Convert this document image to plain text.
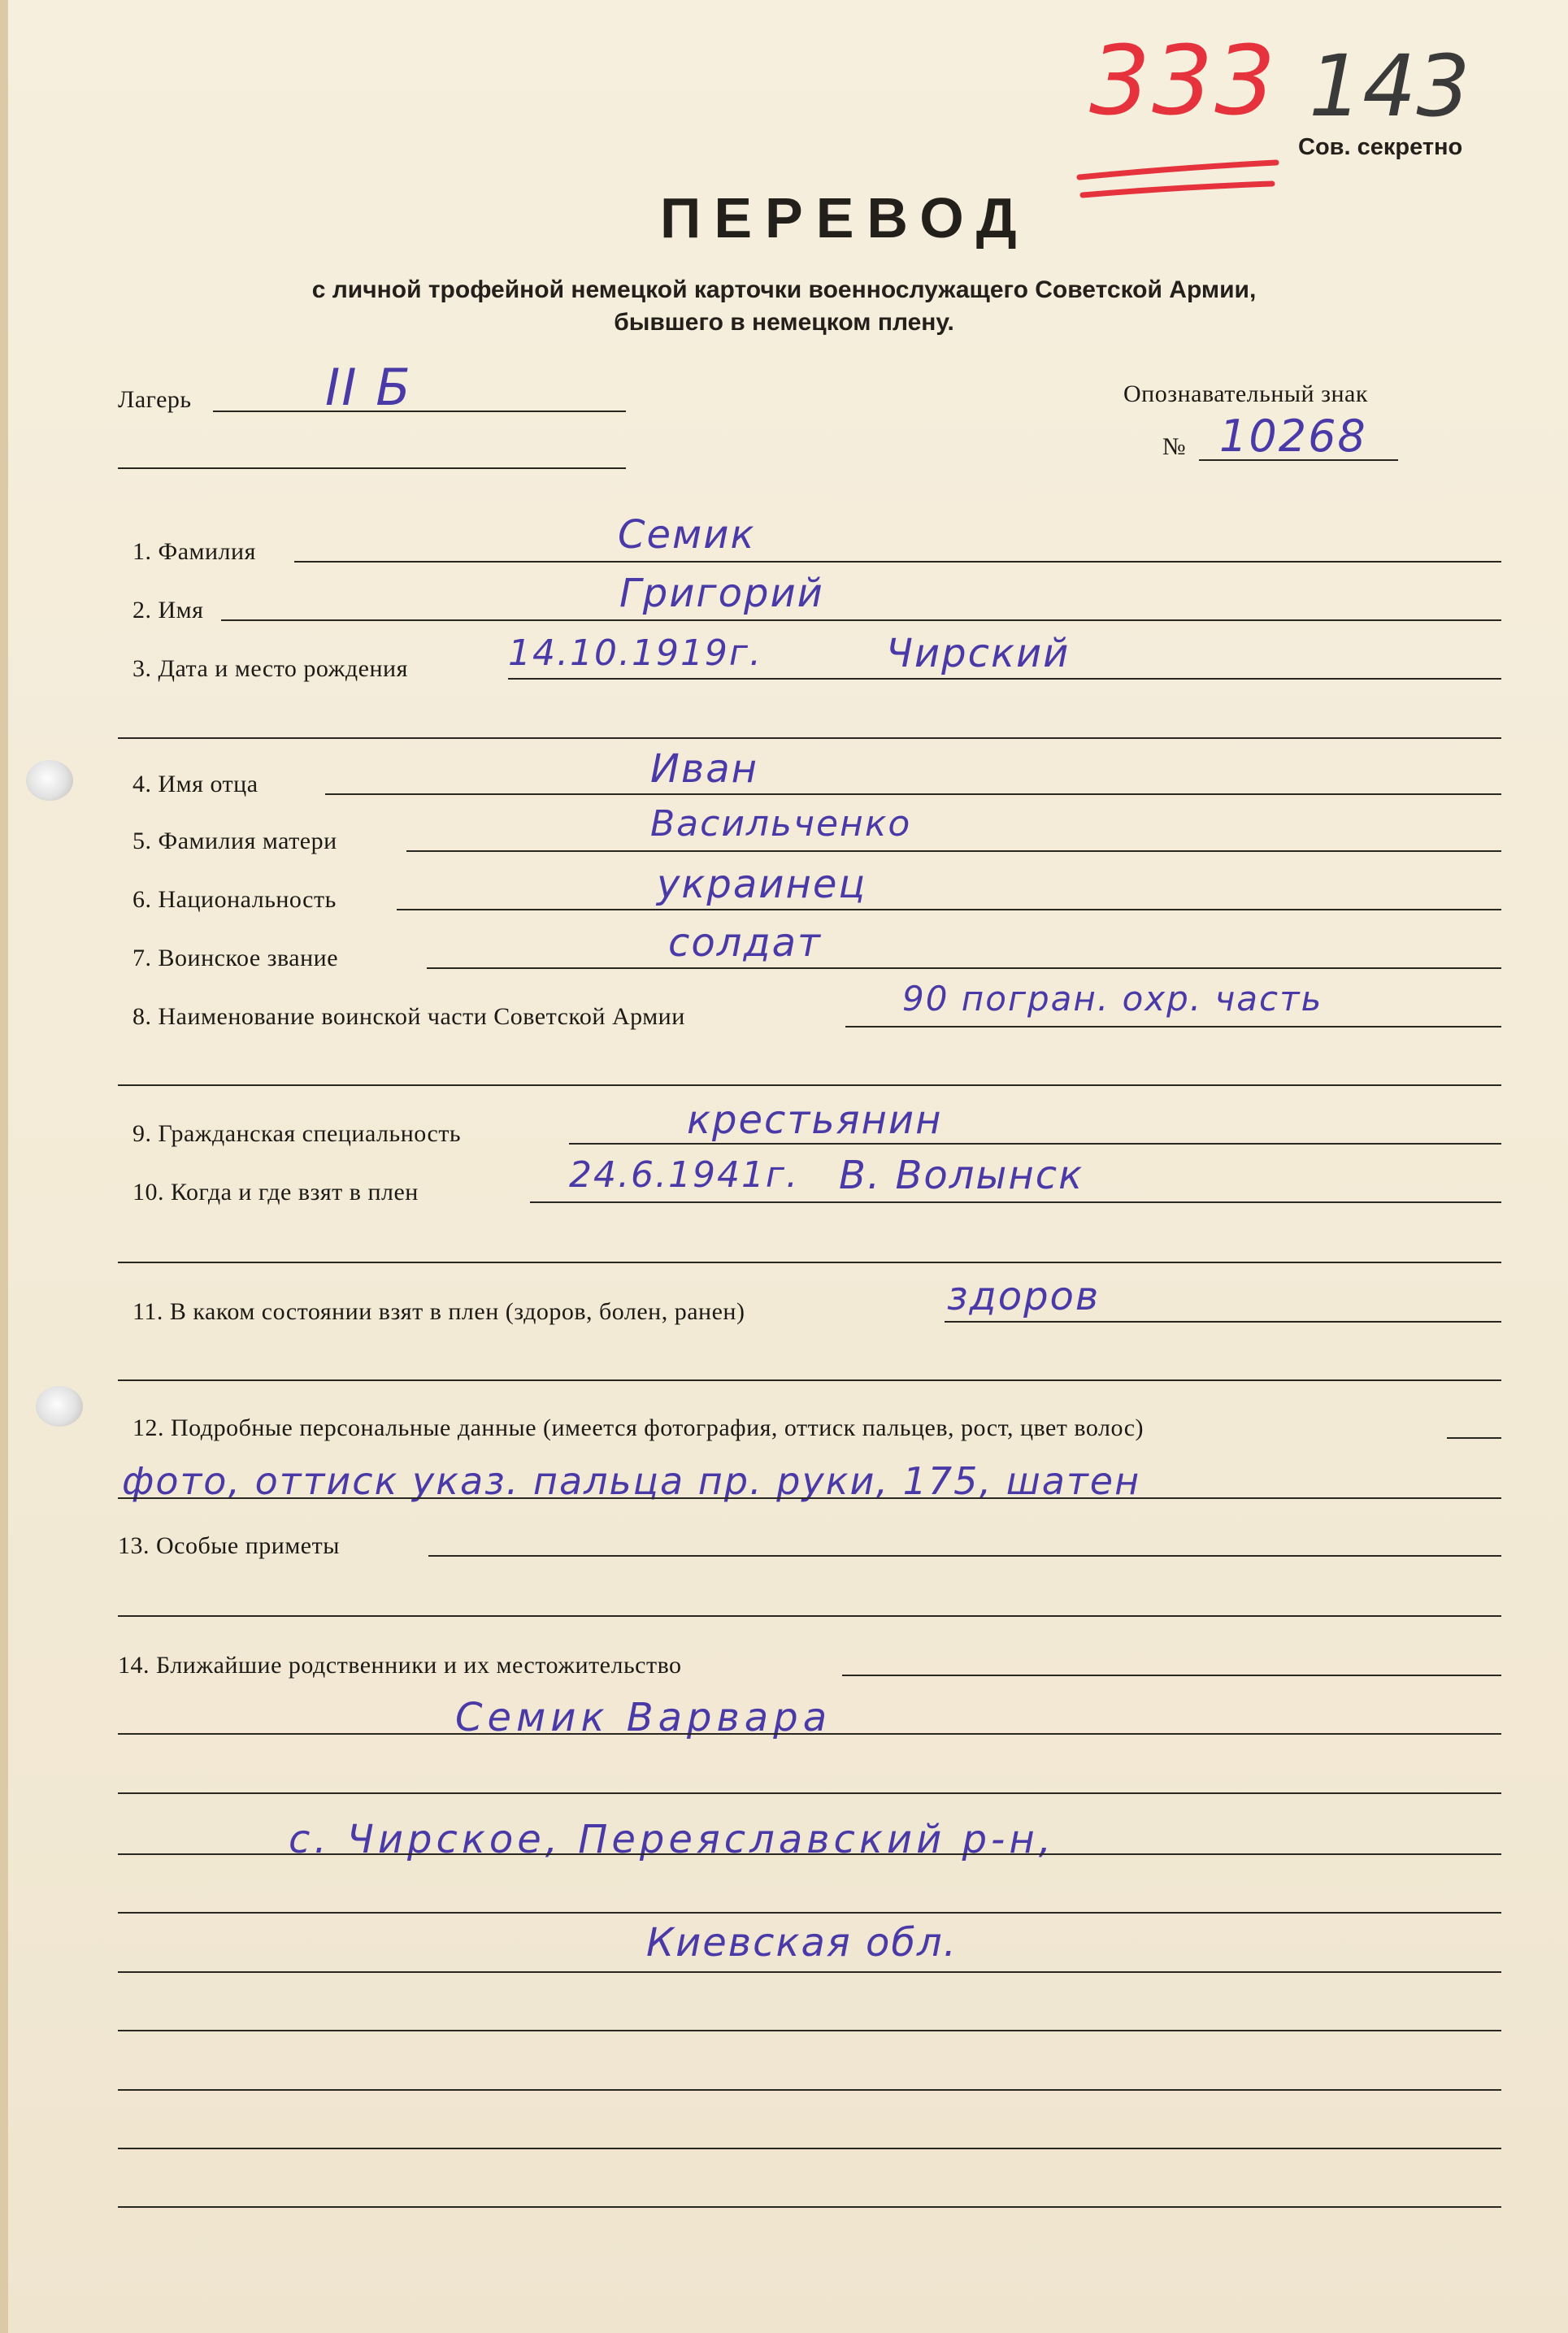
333 143
Сов. секретно
ПЕРЕВОД
с личной трофейной немецкой карточки военнослужащего Советской Армии,
бывшего в немецком плену.
Лагерь	II Б	Опознавательный знак
№ 10268
1. Фамилия	Семик
2. Имя	Григорий
3. Дата и место рождения	14.10.1919г.	Чирский
4. Имя отца	Иван
5. Фамилия матери	Васильченко
6. Национальность	украинец
7. Воинское звание	солдат
8. Наименование воинской части Советской Армии	90 погран. охр. часть
9. Гражданская специальность	крестьянин
10. Когда и где взят в плен	24.6.1941г. В. Волынск
11. В каком состоянии взят в плен (здоров, болен, ранен)	здоров
12. Подробные персональные данные (имеется фотография, оттиск пальцев, рост, цвет волос)
фото, оттиск указ. пальца пр. руки, 175, шатен
13. Особые приметы
14. Ближайшие родственники и их местожительство
Семик Варвара
с. Чирское, Переяславский р-н,
Киевская обл.
